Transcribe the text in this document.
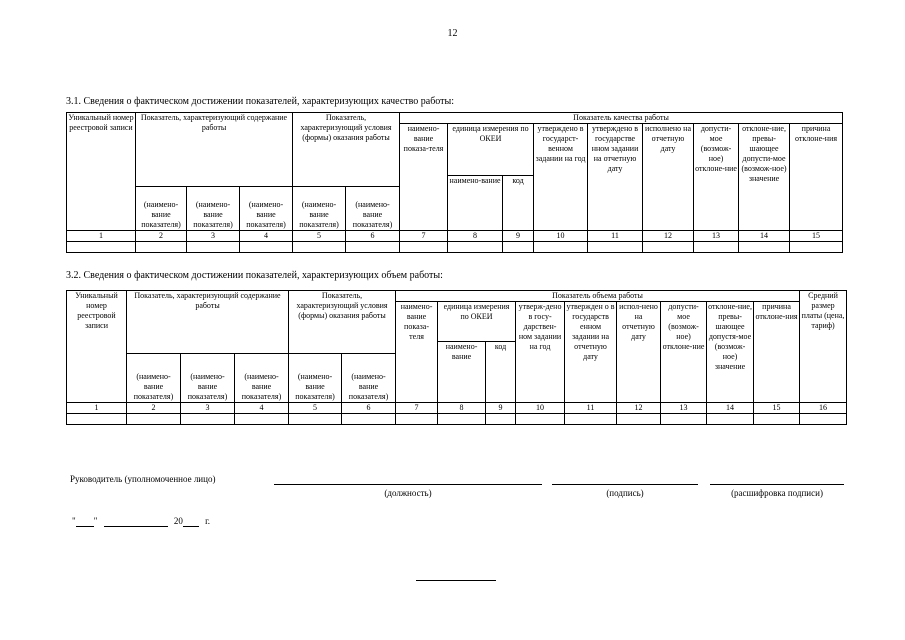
12
3.1. Сведения о фактическом достижении показателей, характеризующих качество работы:
Уникальный номер реестровой записи	Показатель, характеризующий содержание работы			Показатель, характеризующий условия (формы) оказания работы		Показатель качества работы								
						наимено-вание показа-теля	единица измерения по ОКЕИ		утверждено в государст-венном задании на год	утверждено в государстве нном задании на отчетную дату	исполнено на отчетную дату	допусти-мое (возмож-ное) отклоне-ние	отклоне-ние, превы-шающее допусти-мое (возмож-ное) значение	причина отклоне-ния
							наимено-вание	код						
	(наимено-вание показателя)	(наимено-вание показателя)	(наимено-вание показателя)	(наимено-вание показателя)	(наимено-вание показателя)									
1	2	3	4	5	6	7	8	9	10	11	12	13	14	15

3.2. Сведения о фактическом достижении показателей, характеризующих объем работы:
Уникальный номер реестровой записи	Показатель, характеризующий содержание работы			Показатель, характеризующий условия (формы) оказания работы		Показатель объема работы									Средний размер платы (цена, тариф)
						наимено-вание показа-теля	единица измерения по ОКЕИ		утверж-дено в госу-дарствен-ном задании на год	утвержден о в государств енном задании на отчетную дату	испол-нено на отчетную дату	допусти-мое (возмож-ное) отклоне-ние	отклоне-ние, превы-шающее допустя-мое (возмож-ное) значение	причина отклоне-ния	
							наимено-вание	код							
	(наимено-вание показателя)	(наимено-вание показателя)	(наимено-вание показателя)	(наимено-вание показателя)	(наимено-вание показателя)										
1	2	3	4	5	6	7	8	9	10	11	12	13	14	15	16

Руководитель (уполномоченное лицо)
(должность)	(подпись)	(расшифровка подписи)
" "	20 г.
